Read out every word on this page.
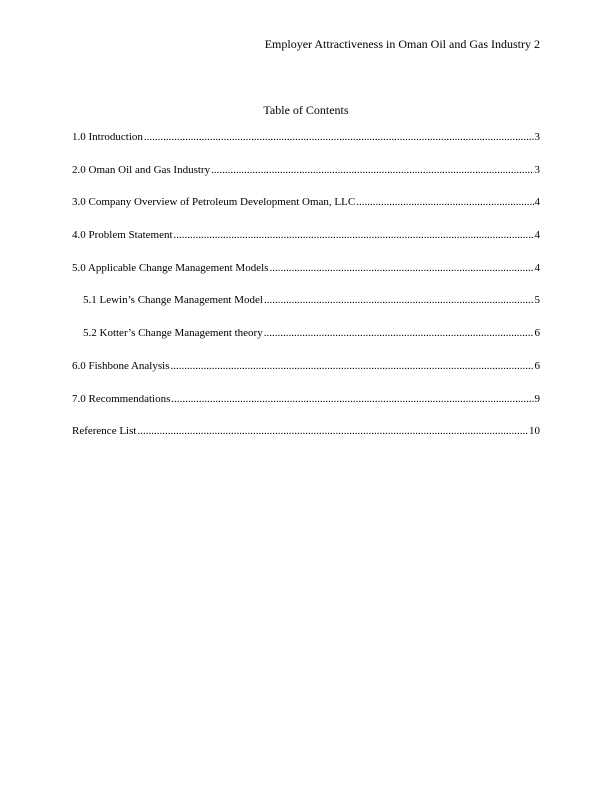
Employer Attractiveness in Oman Oil and Gas Industry 2
Table of Contents
1.0 Introduction .....	3
2.0 Oman Oil and Gas Industry .....	3
3.0 Company Overview of Petroleum Development Oman, LLC .....	4
4.0 Problem Statement .....	4
5.0 Applicable Change Management Models .....	4
5.1 Lewin’s Change Management Model .....	5
5.2 Kotter’s Change Management theory .....	6
6.0 Fishbone Analysis .....	6
7.0 Recommendations .....	9
Reference List .....	10
